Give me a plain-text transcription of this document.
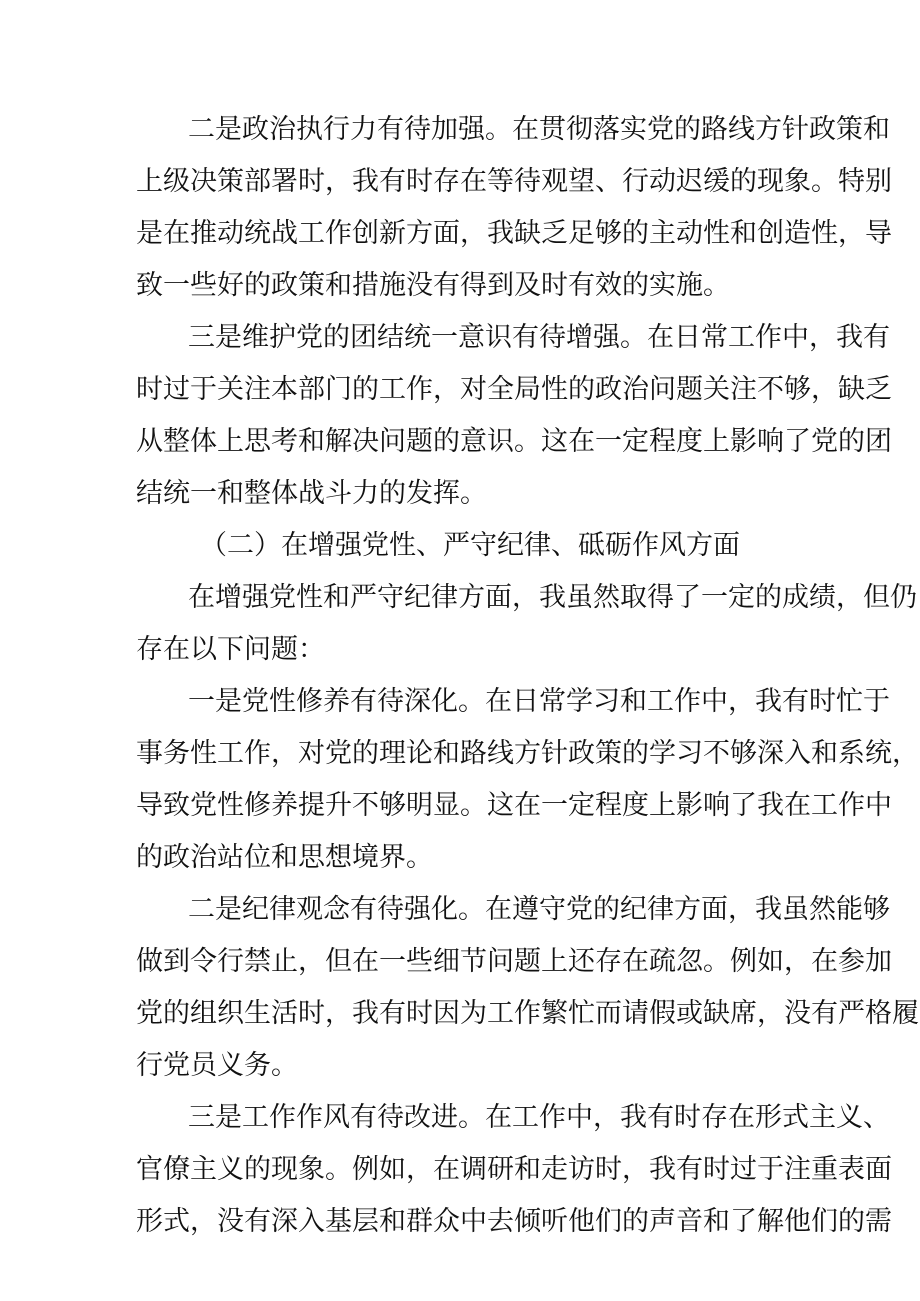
二是政治执行力有待加强。在贯彻落实党的路线方针政策和
上级决策部署时，我有时存在等待观望、行动迟缓的现象。特别
是在推动统战工作创新方面，我缺乏足够的主动性和创造性，导
致一些好的政策和措施没有得到及时有效的实施。
三是维护党的团结统一意识有待增强。在日常工作中，我有
时过于关注本部门的工作，对全局性的政治问题关注不够，缺乏
从整体上思考和解决问题的意识。这在一定程度上影响了党的团
结统一和整体战斗力的发挥。
（二）在增强党性、严守纪律、砥砺作风方面
在增强党性和严守纪律方面，我虽然取得了一定的成绩，但仍
存在以下问题：
一是党性修养有待深化。在日常学习和工作中，我有时忙于
事务性工作，对党的理论和路线方针政策的学习不够深入和系统，
导致党性修养提升不够明显。这在一定程度上影响了我在工作中
的政治站位和思想境界。
二是纪律观念有待强化。在遵守党的纪律方面，我虽然能够
做到令行禁止，但在一些细节问题上还存在疏忽。例如，在参加
党的组织生活时，我有时因为工作繁忙而请假或缺席，没有严格履
行党员义务。
三是工作作风有待改进。在工作中，我有时存在形式主义、
官僚主义的现象。例如，在调研和走访时，我有时过于注重表面
形式，没有深入基层和群众中去倾听他们的声音和了解他们的需
